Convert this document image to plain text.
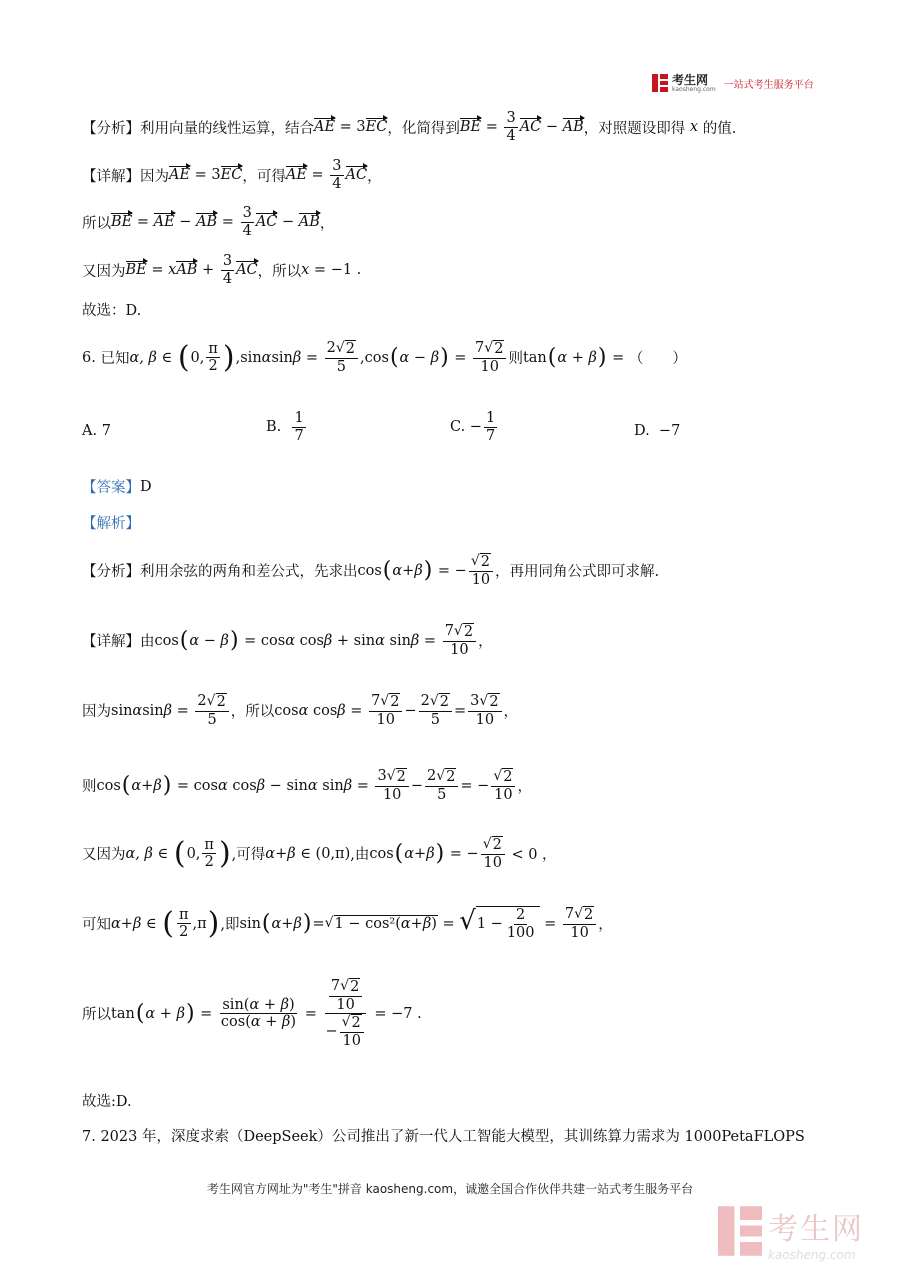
考生网
kaosheng.com 一站式考生服务平台
【分析】 利用向量的线性运算，结合 AE = 3 EC ，化简得到 BE = $\frac{3}{4}$ AC − AB ，对照题设即得 x 的值.
【详解】 因为 AE = 3 EC ，可得 AE = $\frac{3}{4}$ AC ，
所以 BE = AE − AB = $\frac{3}{4}$ AC − AB ，
又因为 BE = x AB + $\frac{3}{4}$ AC ，所以 x = −1 .
故选：D.
6.
已知 α, β ∈ ( 0, $\frac{\pi}{2}$ ) ,sin α $\sin \beta = \frac{2 √ 2}{5} ,\cos$ ( α − β ) = $\frac{7 √ 2}{10}$ 则 tan ( α + β ) = （　　）
A. 7	B.
$\frac{1}{7}$	C. − $\frac{1}{7}$	D. −7
【答案】 D
【解析】
【分析】 利用余弦的两角和差公式，先求出 cos ( α+β ) = − $\frac{√ 2}{10}$ ，再用同角公式即可求解.
【详解】 由 cos ( α − β ) = cos α cos β + sin α $\sin \beta = \frac{7 √ 2}{10}$ ，
因为 sin α $\sin \beta = \frac{2 √ 2}{5}$ ，所以 cos α $\cos \beta = \frac{7 √ 2}{10} - \frac{2 √ 2}{5} = \frac{3 √ 2}{10}$ ，
则 cos ( α+β ) = cos α cos β − sin α $\sin \beta = \frac{3 √ 2}{10} - \frac{2 √ 2}{5}$ = − $\frac{√ 2}{10}$ ，
又因为 α, β ∈ ( 0, $\frac{\pi}{2}$ ) ,可得 α+β ∈ (0,π) ,由 cos ( α+β ) = − $\frac{√ 2}{10} < 0$ ，
可知 α+β ∈ ( $\frac{\pi}{2} ,\pi$ ) ,即 sin ( α+β ) = √ 1 − cos²(α+β) = √ $1 - \frac{2}{100} = \frac{7 √ 2}{10}$ ，
所以 tan ( α + β ) = $\frac{\sin(\alpha + \beta)}{\cos(\alpha + \beta)} = \frac{\frac{7 √ 2}{10}}{- \frac{√ 2}{10}} = -7$ .
故选:D.
7. 2023 年，深度求索（DeepSeek）公司推出了新一代人工智能大模型，其训练算力需求为 1000PetaFLOPS
考生网官方网址为"考生"拼音 kaosheng.com，诚邀全国合作伙伴共建一站式考生服务平台
考生网
kaosheng.com
